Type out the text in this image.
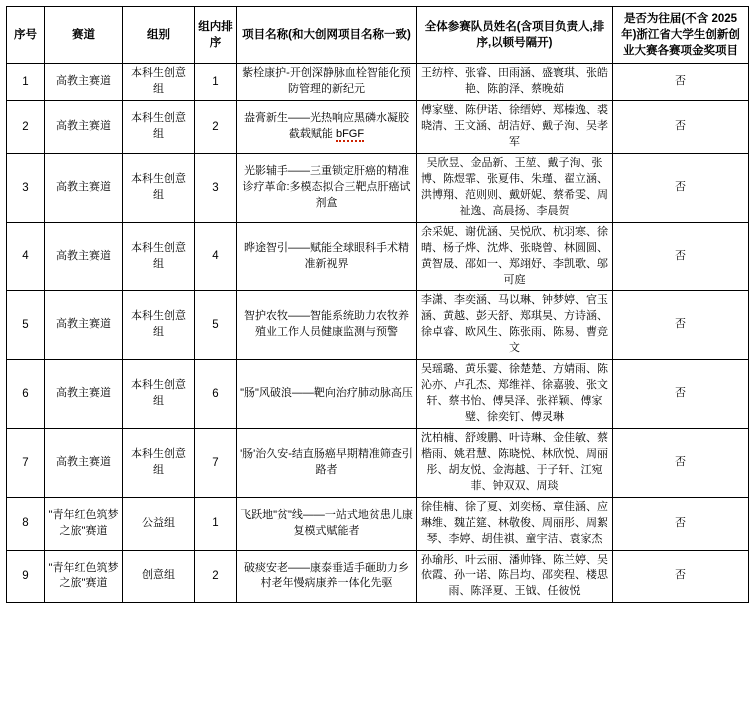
序号	赛道	组别	组内排序	项目名称(和大创网项目名称一致)	全体参赛队员姓名(含项目负责人,排序,以顿号隔开)	是否为往届(不含 2025 年)浙江省大学生创新创业大赛各赛项金奖项目
1	高教主赛道	本科生创意组	1	紫栓康护-开创深静脉血栓智能化预防管理的新纪元	王纺梓、张睿、田雨涵、盛寰琪、张皓艳、陈韵泽、蔡晚茹	否
2	高教主赛道	本科生创意组	2	盎膏新生——光热响应黑磷水凝胶截载赋能 bFGF	傅家璧、陈伊诺、徐缙婷、郑榛逸、裘晓清、王文涵、胡洁妤、戴子洵、吴孝军	否
3	高教主赛道	本科生创意组	3	光影辅手——三重锁定肝癌的精准诊疗革命:多模态拟合三靶点肝癌试剂盒	吴欣昱、金品新、王堃、戴子洵、张博、陈煜霏、张夏伟、朱瑾、翟立涵、洪博翔、范则则、戴妍妮、蔡希雯、周祉逸、高晨扬、李晨贺	否
4	高教主赛道	本科生创意组	4	晔途智引——赋能全球眼科手术精准新视界	余采妮、谢优涵、吴悦欣、杭羽寒、徐晴、杨子烨、沈烨、张晓曾、林圆圆、黄智晟、邵如一、郑翊妤、李凯歌、邬可庭	否
5	高教主赛道	本科生创意组	5	智护农牧——智能系统助力农牧养殖业工作人员健康监测与预警	李潇、李奕涵、马以琳、钟梦婷、官玉涵、黄越、彭天舒、郑琪昊、方诗涵、徐卓睿、欧风生、陈张雨、陈易、曹竞文	否
6	高教主赛道	本科生创意组	6	"肠"风破浪——靶向治疗肺动脉高压	吴瑶璐、黄乐霎、徐楚楚、方婧雨、陈沁亦、卢孔杰、郑维祥、徐嘉骏、张文轩、蔡书怡、傅昊泽、张祥颖、傅家璧、徐奕钉、傅灵琳	否
7	高教主赛道	本科生创意组	7	'肠'治久安-结直肠癌早期精准筛查引路者	沈柏楠、舒竣鹏、叶诗琳、金佳敏、蔡楷雨、姚君慧、陈晓悦、林欣悦、周丽彤、胡友悦、金海越、于子轩、江宛菲、钟双双、周琰	否
8	"青年红色筑梦之旅"赛道	公益组	1	飞跃地"贫"线——一站式地贫患儿康复模式赋能者	徐佳楠、徐了夏、刘奕杨、章佳涵、应琳维、魏芷筵、林敬俊、周丽彤、周絮琴、李婷、胡佳祺、童宇洁、袁家杰	否
9	"青年红色筑梦之旅"赛道	创意组	2	破痰安老——康泰垂适手砸助力乡村老年慢病康养一体化先驱	孙瑜彤、叶云丽、潘帅锋、陈兰婷、吴依霞、孙一诺、陈吕均、邵奕程、楼思雨、陈泽夏、王钺、任彼悦	否
